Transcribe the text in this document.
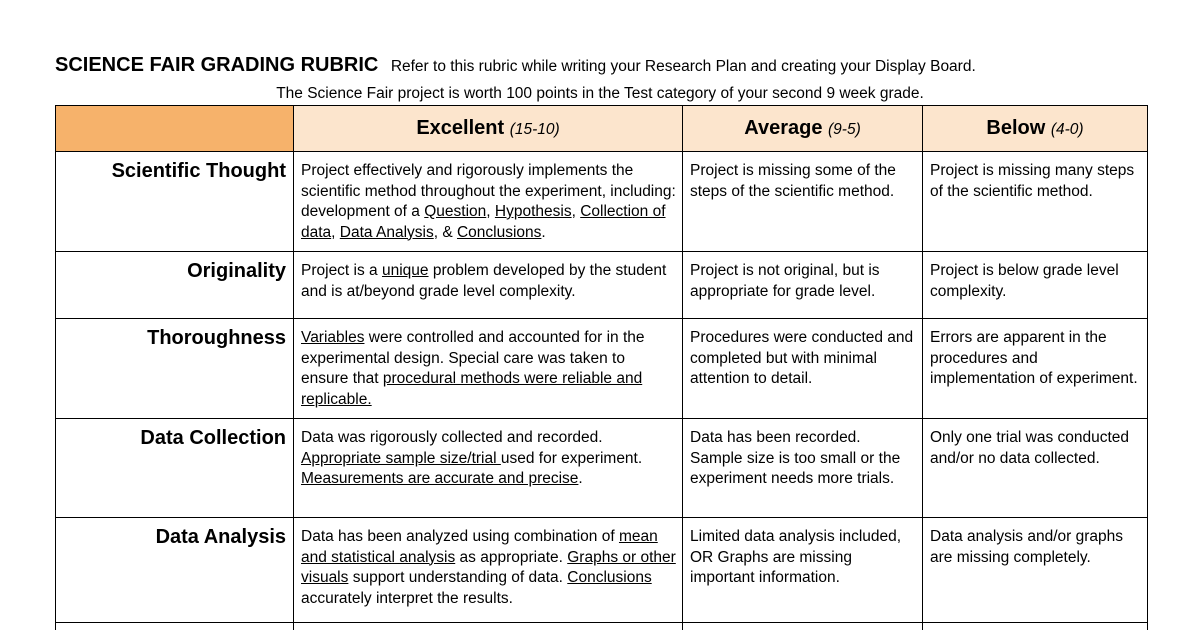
SCIENCE FAIR GRADING RUBRIC Refer to this rubric while writing your Research Plan and creating your Display Board.
The Science Fair project is worth 100 points in the Test category of your second 9 week grade.
	Excellent (15-10)	Average (9-5)	Below (4-0)
Scientific Thought	Project effectively and rigorously implements the scientific method throughout the experiment, including: development of a Question, Hypothesis, Collection of data, Data Analysis, & Conclusions.	Project is missing some of the steps of the scientific method.	Project is missing many steps of the scientific method.
Originality	Project is a unique problem developed by the student and is at/beyond grade level complexity.	Project is not original, but is appropriate for grade level.	Project is below grade level complexity.
Thoroughness	Variables were controlled and accounted for in the experimental design. Special care was taken to ensure that procedural methods were reliable and replicable.	Procedures were conducted and completed but with minimal attention to detail.	Errors are apparent in the procedures and implementation of experiment.
Data Collection	Data was rigorously collected and recorded. Appropriate sample size/trial used for experiment. Measurements are accurate and precise.	Data has been recorded. Sample size is too small or the experiment needs more trials.	Only one trial was conducted and/or no data collected.
Data Analysis	Data has been analyzed using combination of mean and statistical analysis as appropriate. Graphs or other visuals support understanding of data. Conclusions accurately interpret the results.	Limited data analysis included, OR Graphs are missing important information.	Data analysis and/or graphs are missing completely.
